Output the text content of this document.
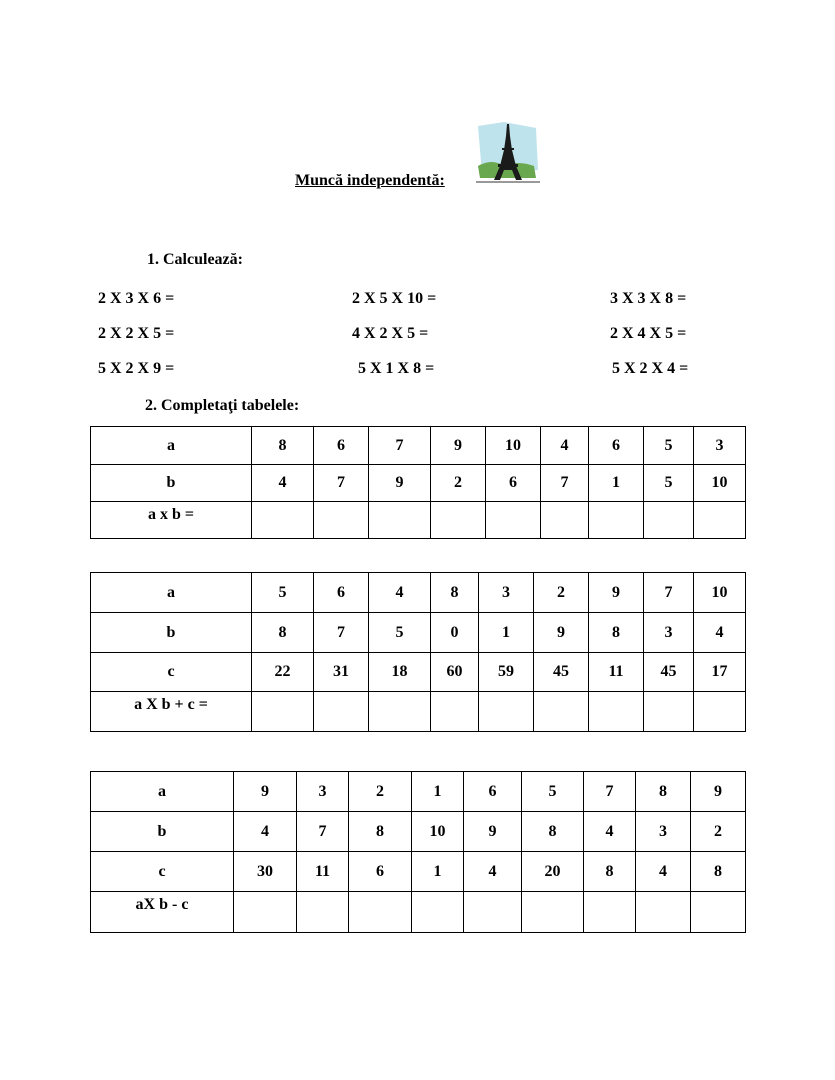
Muncă independentă:
1. Calculează:
2 X 3 X 6 =	2 X 5 X 10 =	3 X 3 X 8 =
2 X 2 X 5 =	4 X 2 X 5 =	2 X 4 X 5 =
5 X 2 X 9 =	5 X 1 X 8 =	5 X 2 X 4 =
2. Completaţi tabelele:
a	8	6	7	9	10	4	6	5	3
b	4	7	9	2	6	7	1	5	10
a x b =									
a	5	6	4	8	3	2	9	7	10
b	8	7	5	0	1	9	8	3	4
c	22	31	18	60	59	45	11	45	17
a X b + c =									
a	9	3	2	1	6	5	7	8	9
b	4	7	8	10	9	8	4	3	2
c	30	11	6	1	4	20	8	4	8
aX b - c									
